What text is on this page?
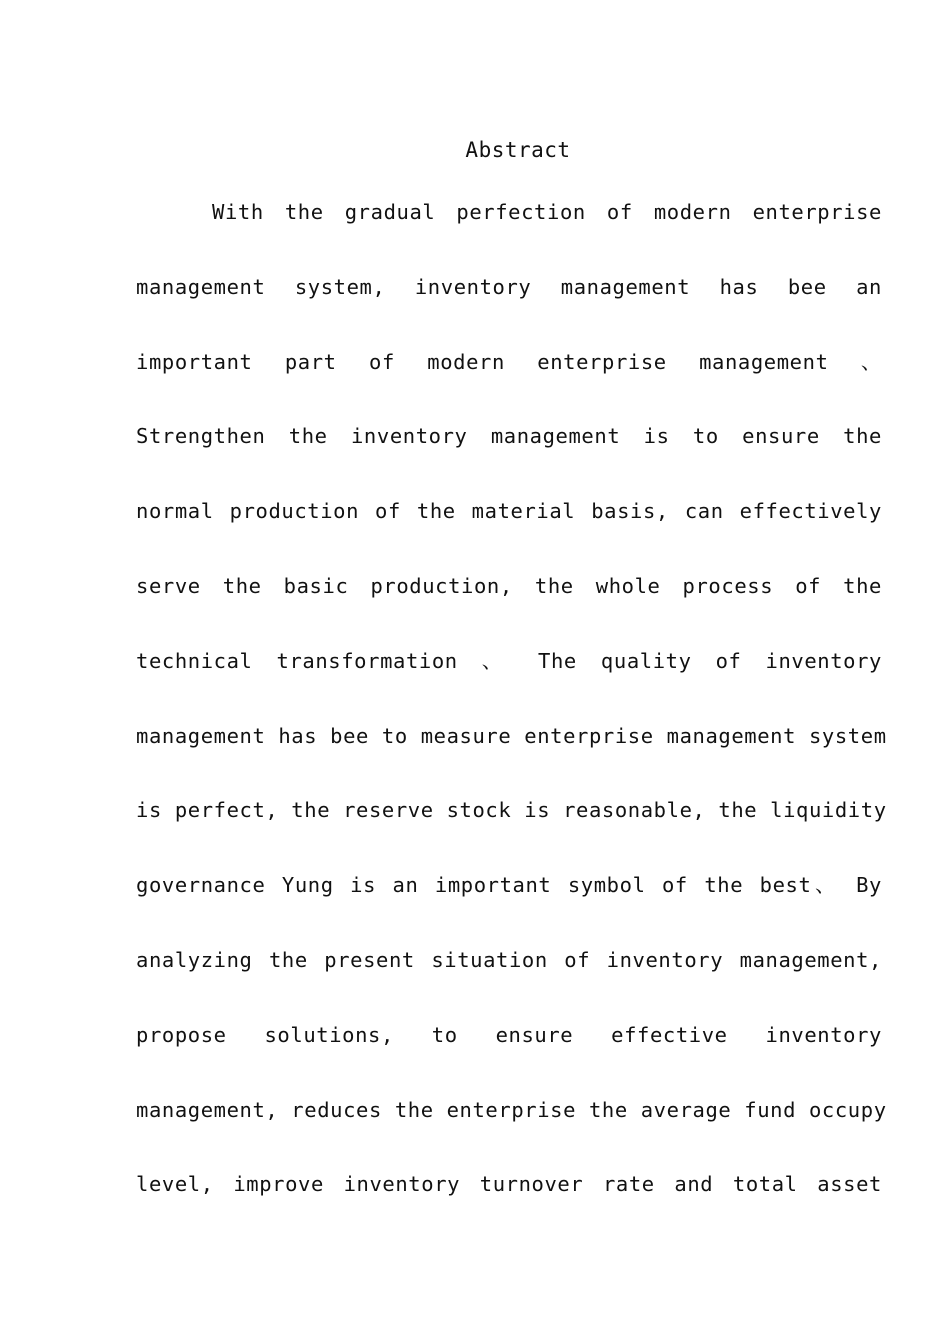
Abstract
With the gradual perfection of modern enterprise
management system, inventory management has bee an
important part of modern enterprise management 、
Strengthen the inventory management is to ensure the
normal production of the material basis, can effectively
serve the basic production, the whole process of the
technical transformation 、 The quality of inventory
management has bee to measure enterprise management system
is perfect, the reserve stock is reasonable, the liquidity
governance Yung is an important symbol of the best、 By
analyzing the present situation of inventory management,
propose solutions, to ensure effective inventory
management, reduces the enterprise the average fund occupy
level, improve inventory turnover rate and total asset
